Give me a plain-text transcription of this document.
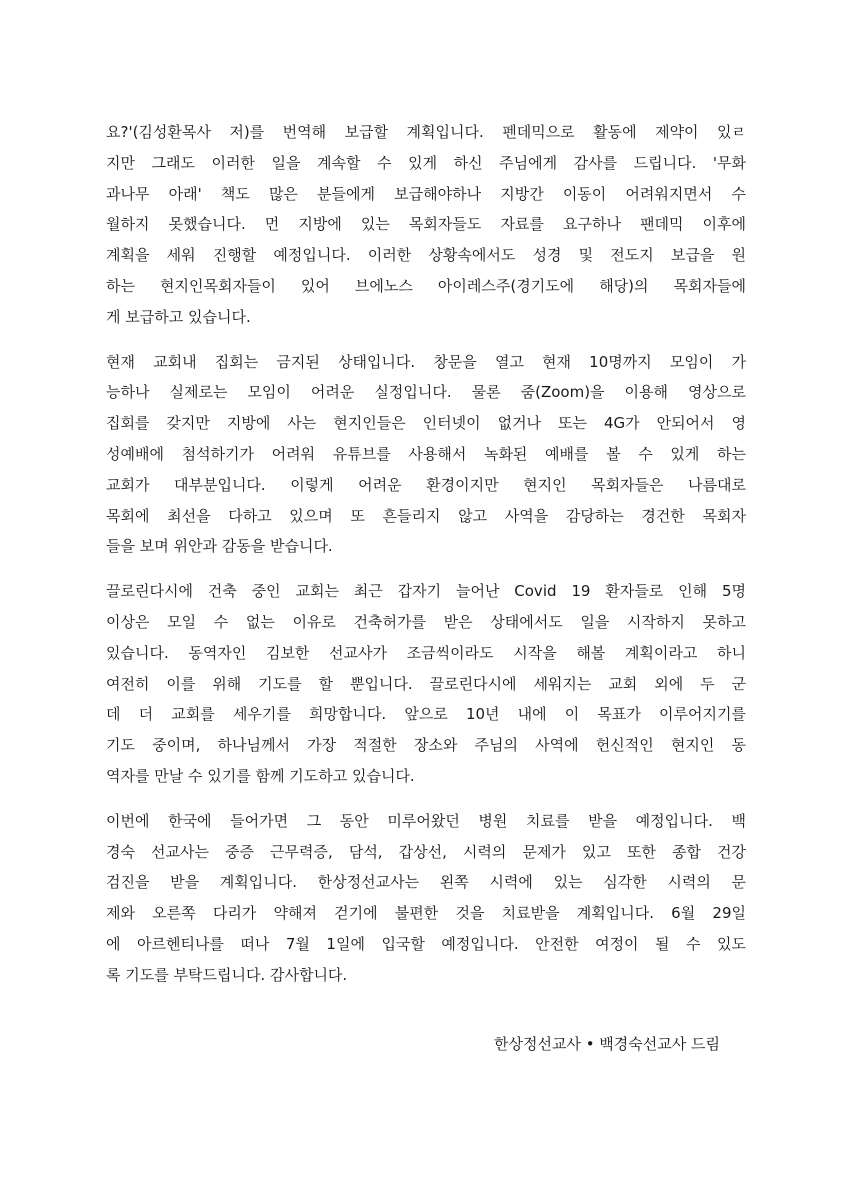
요?'(김성환목사 저)를 번역해 보급할 계획입니다. 펜데믹으로 활동에 제약이 있ㄹ
지만 그래도 이러한 일을 계속할 수 있게 하신 주님에게 감사를 드립니다. '무화
과나무 아래' 책도 많은 분들에게 보급해야하나 지방간 이동이 어려워지면서 수
월하지 못했습니다. 먼 지방에 있는 목회자들도 자료를 요구하나 팬데믹 이후에
계획을 세워 진행할 예정입니다. 이러한 상황속에서도 성경 및 전도지 보급을 원
하는 현지인목회자들이 있어 브에노스 아이레스주(경기도에 해당)의 목회자들에
게 보급하고 있습니다.
현재 교회내 집회는 금지된 상태입니다. 창문을 열고 현재 10명까지 모임이 가
능하나 실제로는 모임이 어려운 실정입니다. 물론 줌(Zoom)을 이용해 영상으로
집회를 갖지만 지방에 사는 현지인들은 인터넷이 없거나 또는 4G가 안되어서 영
성예배에 첨석하기가 어려워 유튜브를 사용해서 녹화된 예배를 볼 수 있게 하는
교회가 대부분입니다. 이렇게 어려운 환경이지만 현지인 목회자들은 나름대로
목회에 최선을 다하고 있으며 또 흔들리지 않고 사역을 감당하는 경건한 목회자
들을 보며 위안과 감동을 받습니다.
끌로린다시에 건축 중인 교회는 최근 갑자기 늘어난 Covid 19 환자들로 인해 5명
이상은 모일 수 없는 이유로 건축허가를 받은 상태에서도 일을 시작하지 못하고
있습니다. 동역자인 김보한 선교사가 조금씩이라도 시작을 해볼 계획이라고 하니
여전히 이를 위해 기도를 할 뿐입니다. 끌로린다시에 세워지는 교회 외에 두 군
데 더 교회를 세우기를 희망합니다. 앞으로 10년 내에 이 목표가 이루어지기를
기도 중이며, 하나님께서 가장 적절한 장소와 주님의 사역에 헌신적인 현지인 동
역자를 만날 수 있기를 함께 기도하고 있습니다.
이번에 한국에 들어가면 그 동안 미루어왔던 병원 치료를 받을 예정입니다. 백
경숙 선교사는 중증 근무력증, 담석, 갑상선, 시력의 문제가 있고 또한 종합 건강
검진을 받을 계획입니다. 한상정선교사는 왼쪽 시력에 있는 심각한 시력의 문
제와 오른쪽 다리가 약해져 걷기에 불편한 것을 치료받을 계획입니다. 6월 29일
에 아르헨티나를 떠나 7월 1일에 입국할 예정입니다. 안전한 여정이 될 수 있도
록 기도를 부탁드립니다. 감사합니다.
한상정선교사 • 백경숙선교사 드림
